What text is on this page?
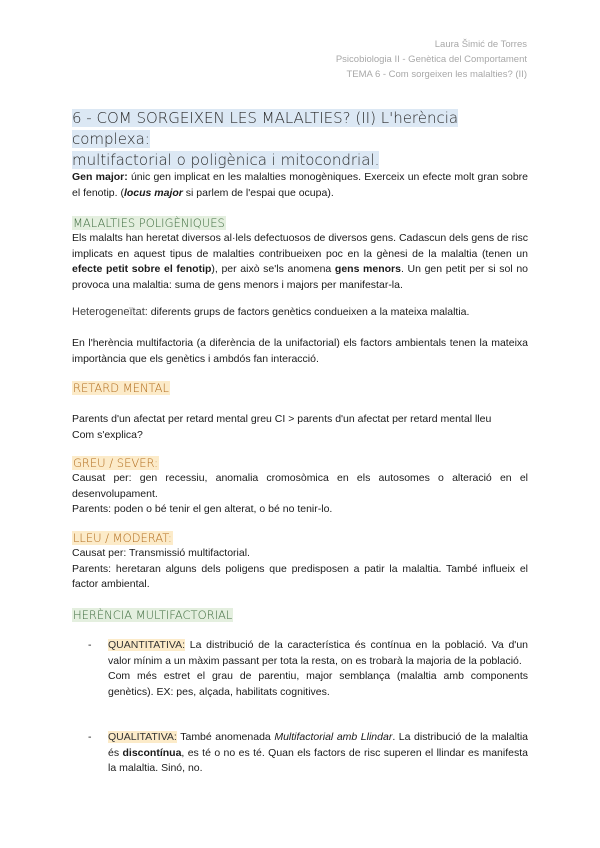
Laura Šimić de Torres
Psicobiologia II - Genètica del Comportament
TEMA 6 - Com sorgeixen les malalties? (II)
6 - COM SORGEIXEN LES MALALTIES? (II) L'herència complexa:
multifactorial o poligènica i mitocondrial.
Gen major: únic gen implicat en les malalties monogèniques. Exerceix un efecte molt gran sobre el fenotip. (locus major si parlem de l'espai que ocupa).
MALALTIES POLIGÈNIQUES
Els malalts han heretat diversos al·lels defectuosos de diversos gens. Cadascun dels gens de risc implicats en aquest tipus de malalties contribueixen poc en la gènesi de la malaltia (tenen un efecte petit sobre el fenotip), per això se'ls anomena gens menors. Un gen petit per si sol no provoca una malaltia: suma de gens menors i majors per manifestar-la.
Heterogeneïtat: diferents grups de factors genètics condueixen a la mateixa malaltia.
En l'herència multifactoria (a diferència de la unifactorial) els factors ambientals tenen la mateixa importància que els genètics i ambdós fan interacció.
RETARD MENTAL
Parents d'un afectat per retard mental greu CI > parents d'un afectat per retard mental lleu
Com s'explica?
GREU / SEVER:
Causat per: gen recessiu, anomalia cromosòmica en els autosomes o alteració en el desenvolupament.
Parents: poden o bé tenir el gen alterat, o bé no tenir-lo.
LLEU / MODERAT:
Causat per: Transmissió multifactorial.
Parents: heretaran alguns dels poligens que predisposen a patir la malaltia. També influeix el factor ambiental.
HERÈNCIA MULTIFACTORIAL
- QUANTITATIVA: La distribució de la característica és contínua en la població. Va d'un valor mínim a un màxim passant per tota la resta, on es trobarà la majoria de la població.
Com més estret el grau de parentiu, major semblança (malaltia amb components genètics). EX: pes, alçada, habilitats cognitives.
- QUALITATIVA: També anomenada Multifactorial amb Llindar. La distribució de la malaltia és discontínua, es té o no es té. Quan els factors de risc superen el llindar es manifesta la malaltia. Sinó, no.
